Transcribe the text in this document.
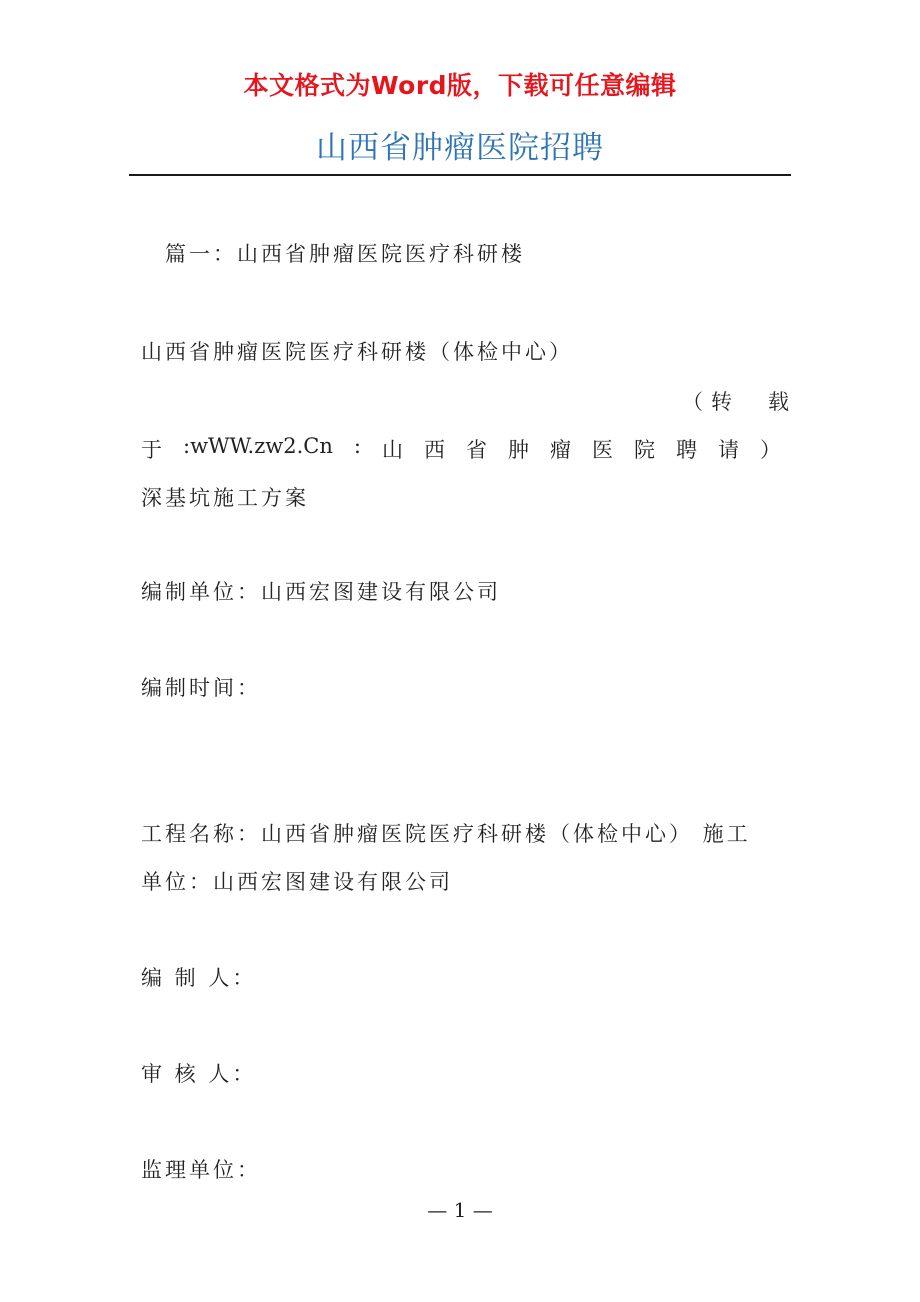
本文格式为Word版，下载可任意编辑
山西省肿瘤医院招聘
篇一：山西省肿瘤医院医疗科研楼
山西省肿瘤医院医疗科研楼（体检中心）
（ 转 载
于 :wWW.zw2.Cn : 山 西 省 肿 瘤 医 院 聘 请 ）
深基坑施工方案
编制单位：山西宏图建设有限公司
编制时间：
工程名称：山西省肿瘤医院医疗科研楼（体检中心） 施工
单位：山西宏图建设有限公司
编 制 人：
审 核 人：
监理单位：
— 1 —
